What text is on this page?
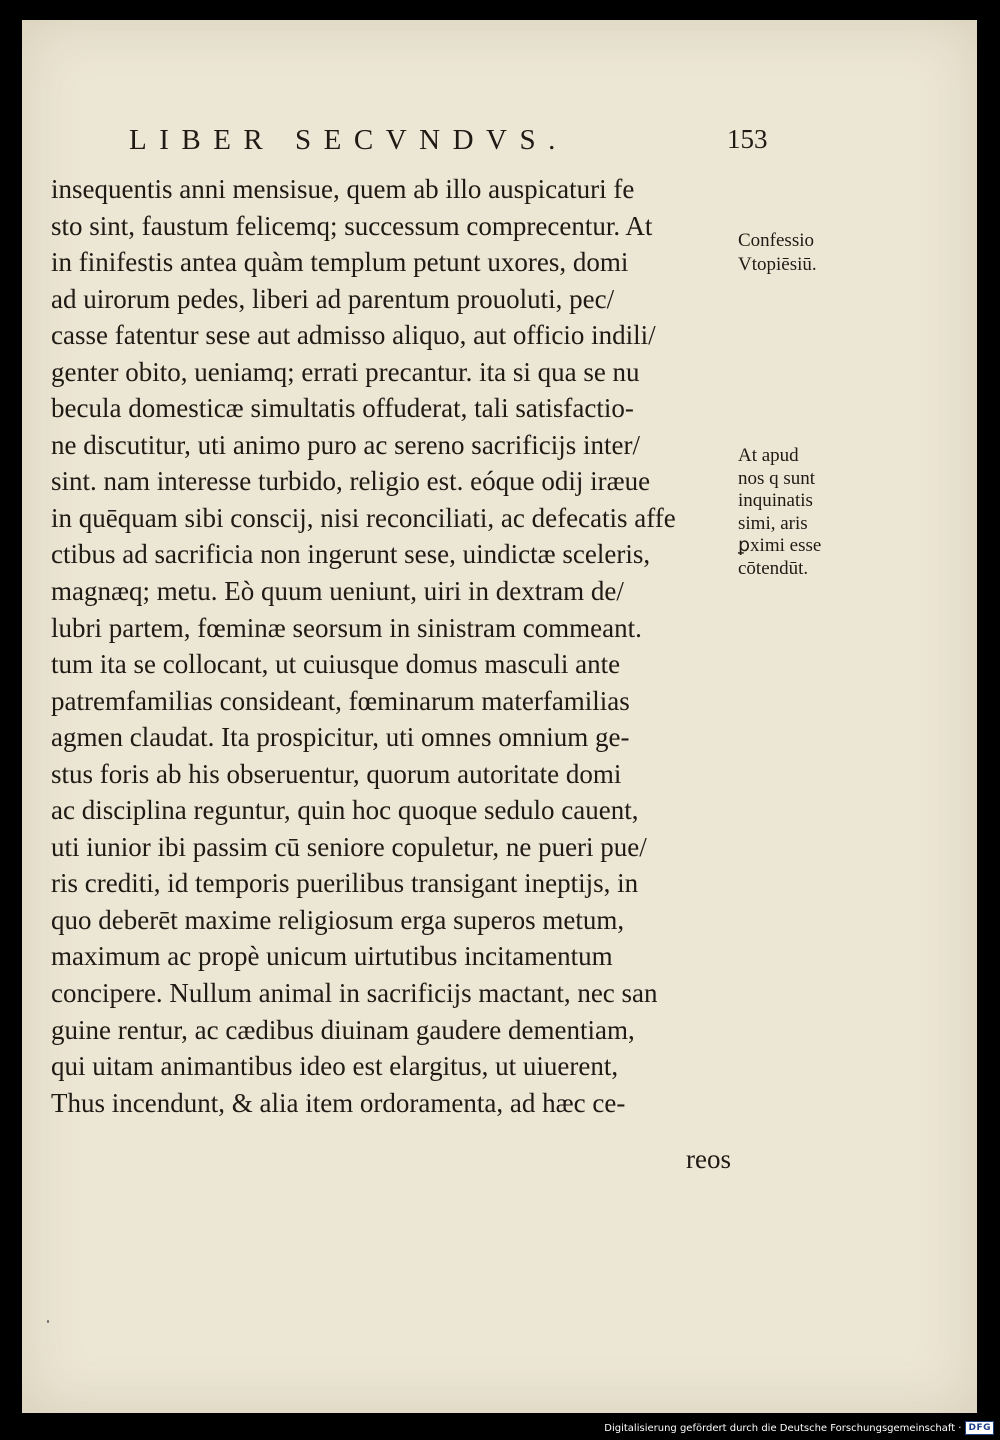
LIBER SECVNDVS.	153
insequentis anni mensisue, quem ab illo auspicaturi fe
sto sint, faustum felicemq; successum comprecentur. At
in finifestis antea quàm templum petunt uxores, domi
ad uirorum pedes, liberi ad parentum prouoluti, pec/
casse fatentur sese aut admisso aliquo, aut officio indili/
genter obito, ueniamq; errati precantur. ita si qua se nu
becula domesticæ simultatis offuderat, tali satisfactio-
ne discutitur, uti animo puro ac sereno sacrificijs inter/
sint. nam interesse turbido, religio est. eóque odij iræue
in quēquam sibi conscij, nisi reconciliati, ac defecatis affe
ctibus ad sacrificia non ingerunt sese, uindictæ sceleris,
magnæq; metu. Eò quum ueniunt, uiri in dextram de/
lubri partem, fœminæ seorsum in sinistram commeant.
tum ita se collocant, ut cuiusque domus masculi ante
patremfamilias consideant, fœminarum materfamilias
agmen claudat. Ita prospicitur, uti omnes omnium ge-
stus foris ab his obseruentur, quorum autoritate domi
ac disciplina reguntur, quin hoc quoque sedulo cauent,
uti iunior ibi passim cū seniore copuletur, ne pueri pue/
ris crediti, id temporis puerilibus transigant ineptijs, in
quo deberēt maxime religiosum erga superos metum,
maximum ac propè unicum uirtutibus incitamentum
concipere. Nullum animal in sacrificijs mactant, nec san
guine rentur, ac cædibus diuinam gaudere dementiam,
qui uitam animantibus ideo est elargitus, ut uiuerent,
Thus incendunt, & alia item ordoramenta, ad hæc ce-
reos
Confessio
Vtopiēsiū.
At apud
nos q sunt
inquinatis
simi, aris
ꝑximi esse
cōtendūt.
Digitalisierung gefördert durch die Deutsche Forschungsgemeinschaft · DFG
